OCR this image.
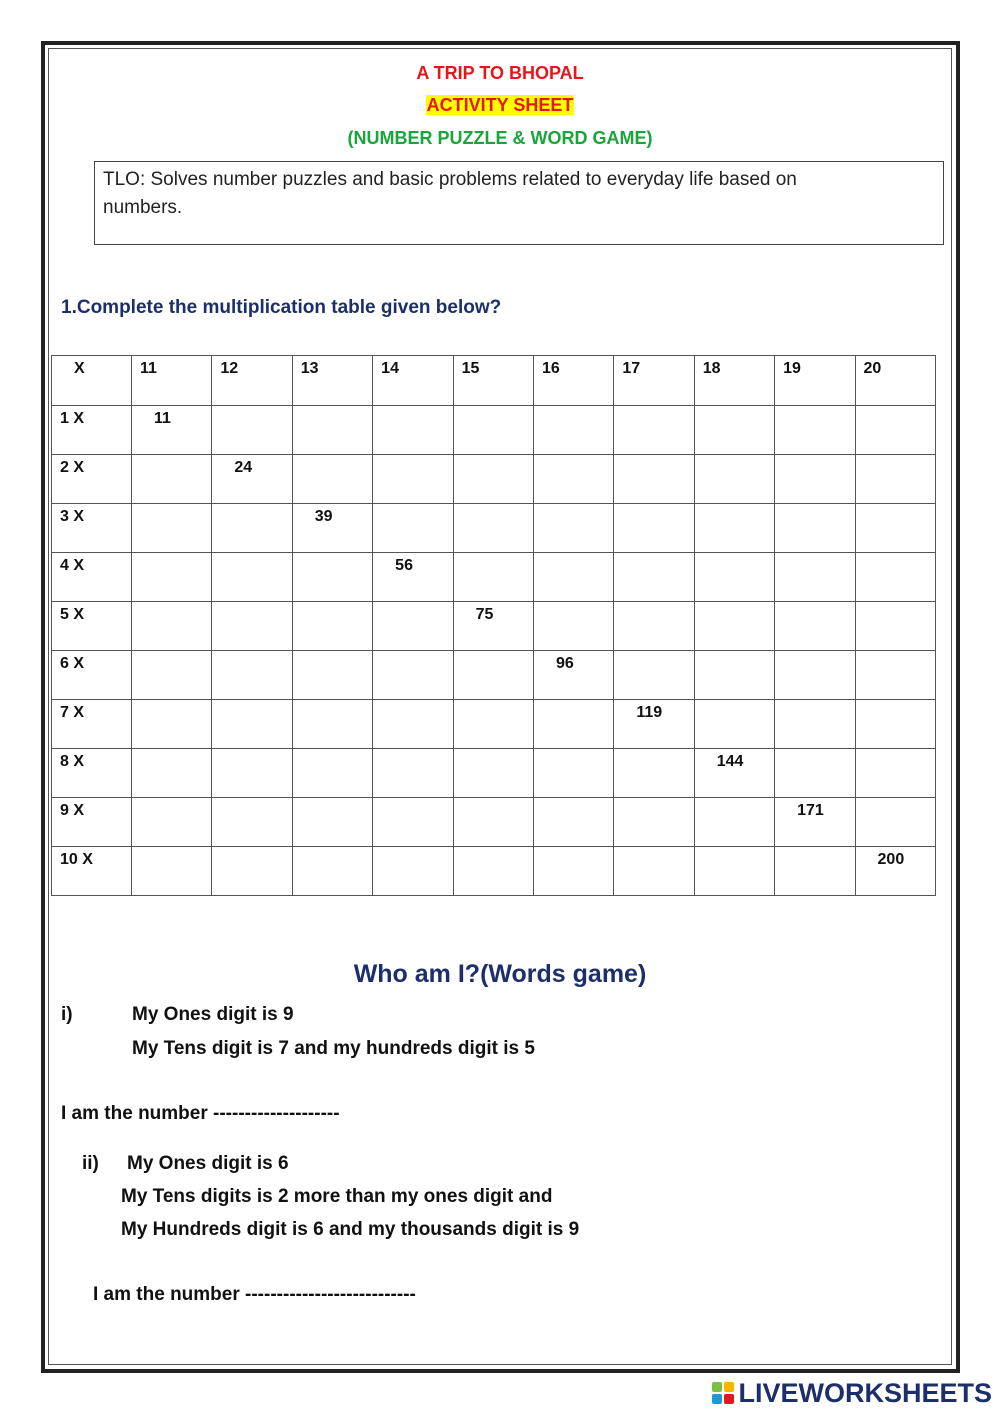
A TRIP TO BHOPAL
ACTIVITY SHEET
(NUMBER PUZZLE & WORD GAME)
TLO: Solves number puzzles and basic problems related to everyday life based on
numbers.
1.Complete the multiplication table given below?
X	11	12	13	14	15	16	17	18	19	20
1 X	11									
2 X		24								
3 X			39							
4 X				56						
5 X					75					
6 X						96				
7 X							119			
8 X								144		
9 X									171	
10 X										200
Who am I?(Words game)
i)	My Ones digit is 9
My Tens digit is 7 and my hundreds digit is 5
I am the number --------------------
ii) My Ones digit is 6
My Tens digits is 2 more than my ones digit and
My Hundreds digit is 6 and my thousands digit is 9
I am the number ---------------------------
LIVEWORKSHEETS
